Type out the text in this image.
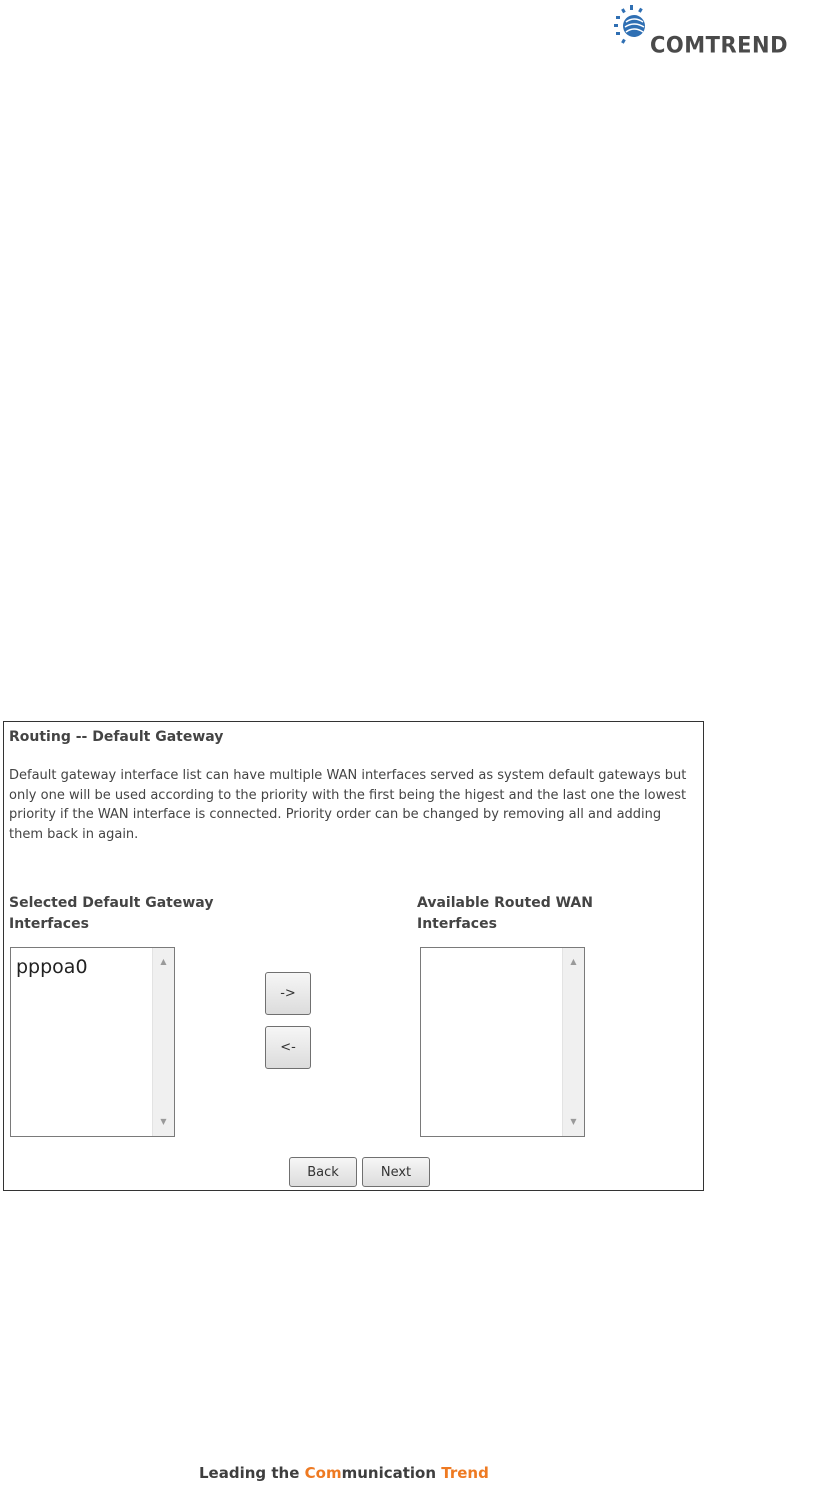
COMTREND
Routing -- Default Gateway
Default gateway interface list can have multiple WAN interfaces served as system default gateways but only one will be used according to the priority with the first being the higest and the last one the lowest priority if the WAN interface is connected. Priority order can be changed by removing all and adding them back in again.
Selected Default Gateway
Interfaces
Available Routed WAN
Interfaces
pppoa0	▲
▼
->
<-
▲
▼
Back	Next
Leading the Communication Trend
